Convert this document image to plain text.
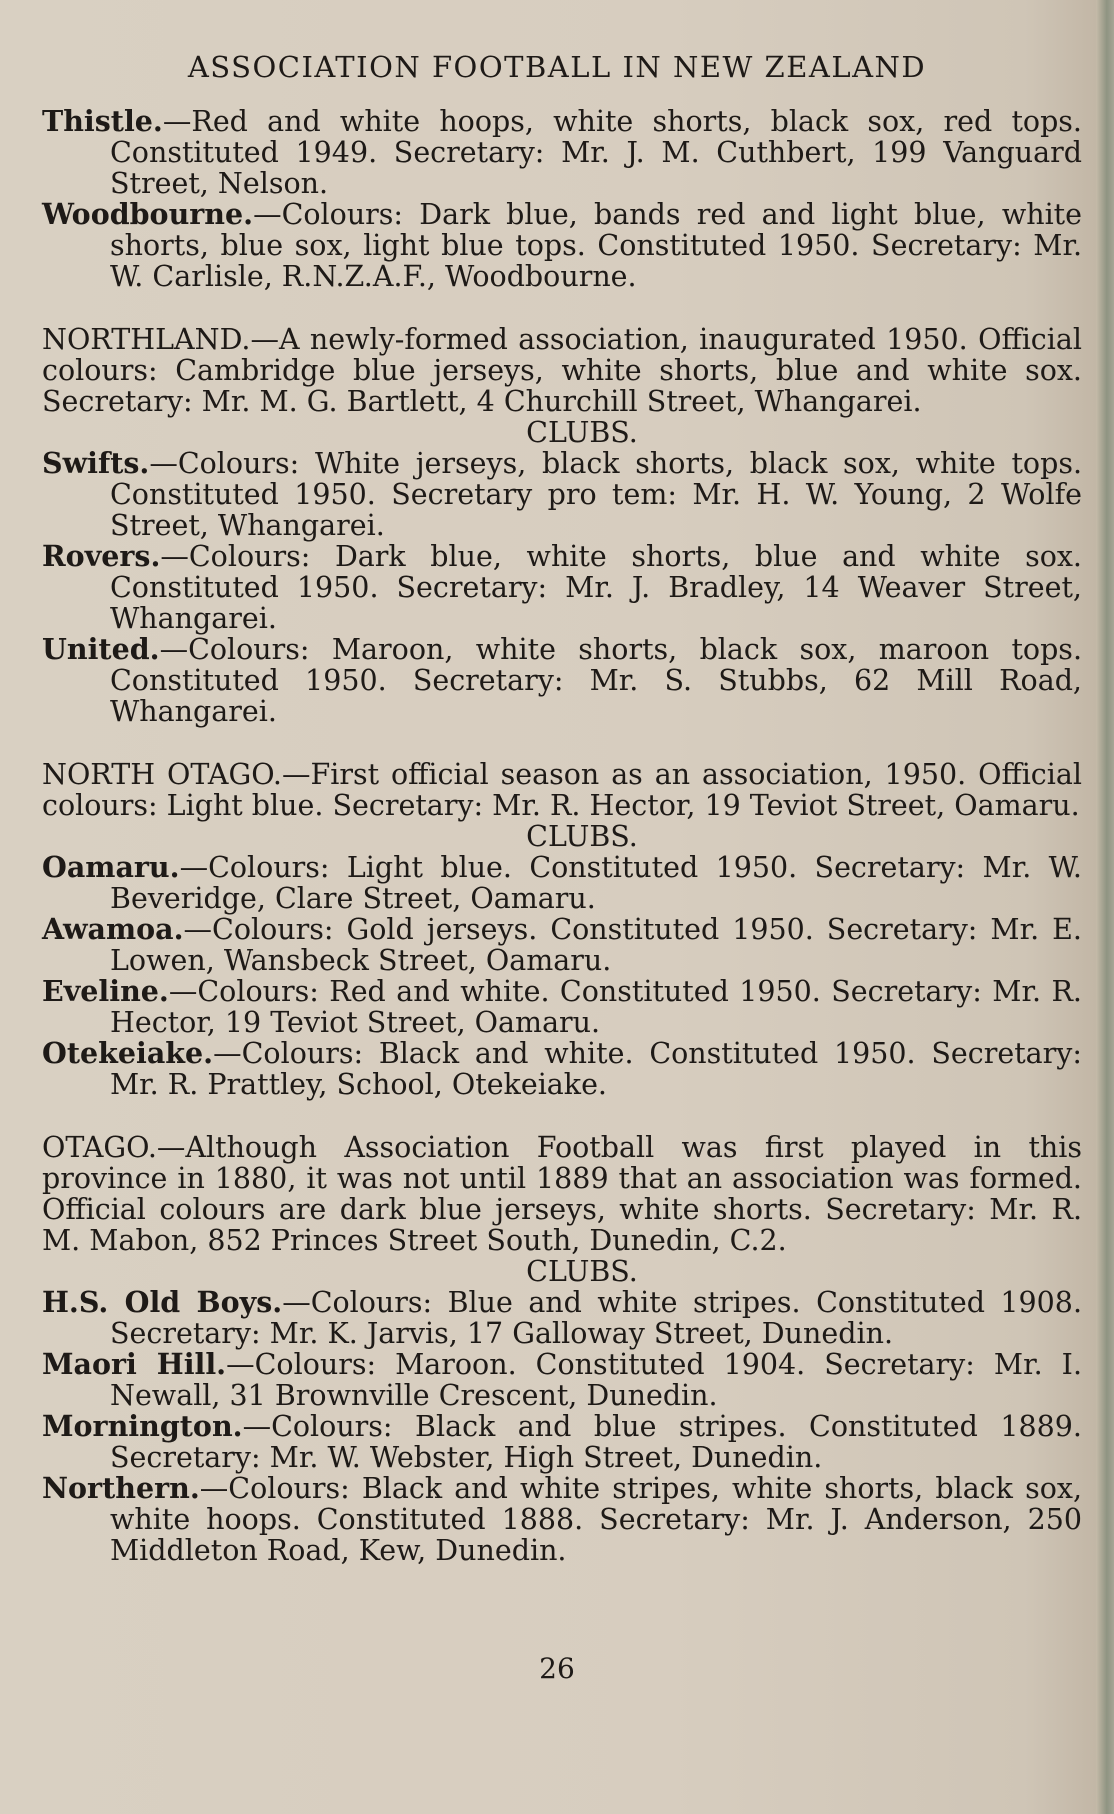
ASSOCIATION FOOTBALL IN NEW ZEALAND

Thistle.—Red and white hoops, white shorts, black sox, red tops. Constituted 1949. Secretary: Mr. J. M. Cuthbert, 199 Vanguard Street, Nelson.

Woodbourne.—Colours: Dark blue, bands red and light blue, white shorts, blue sox, light blue tops. Constituted 1950. Secretary: Mr. W. Carlisle, R.N.Z.A.F., Woodbourne.

NORTHLAND.—A newly-formed association, inaugurated 1950. Official colours: Cambridge blue jerseys, white shorts, blue and white sox. Secretary: Mr. M. G. Bartlett, 4 Churchill Street, Whangarei.

CLUBS.

Swifts.—Colours: White jerseys, black shorts, black sox, white tops. Constituted 1950. Secretary pro tem: Mr. H. W. Young, 2 Wolfe Street, Whangarei.

Rovers.—Colours: Dark blue, white shorts, blue and white sox. Constituted 1950. Secretary: Mr. J. Bradley, 14 Weaver Street, Whangarei.

United.—Colours: Maroon, white shorts, black sox, maroon tops. Constituted 1950. Secretary: Mr. S. Stubbs, 62 Mill Road, Whangarei.

NORTH OTAGO.—First official season as an association, 1950. Official colours: Light blue. Secretary: Mr. R. Hector, 19 Teviot Street, Oamaru.

CLUBS.

Oamaru.—Colours: Light blue. Constituted 1950. Secretary: Mr. W. Beveridge, Clare Street, Oamaru.

Awamoa.—Colours: Gold jerseys. Constituted 1950. Secretary: Mr. E. Lowen, Wansbeck Street, Oamaru.

Eveline.—Colours: Red and white. Constituted 1950. Secretary: Mr. R. Hector, 19 Teviot Street, Oamaru.

Otekeiake.—Colours: Black and white. Constituted 1950. Secretary: Mr. R. Prattley, School, Otekeiake.

OTAGO.—Although Association Football was first played in this province in 1880, it was not until 1889 that an association was formed. Official colours are dark blue jerseys, white shorts. Secretary: Mr. R. M. Mabon, 852 Princes Street South, Dunedin, C.2.

CLUBS.

H.S. Old Boys.—Colours: Blue and white stripes. Constituted 1908. Secretary: Mr. K. Jarvis, 17 Galloway Street, Dunedin.

Maori Hill.—Colours: Maroon. Constituted 1904. Secretary: Mr. I. Newall, 31 Brownville Crescent, Dunedin.

Mornington.—Colours: Black and blue stripes. Constituted 1889. Secretary: Mr. W. Webster, High Street, Dunedin.

Northern.—Colours: Black and white stripes, white shorts, black sox, white hoops. Constituted 1888. Secretary: Mr. J. Anderson, 250 Middleton Road, Kew, Dunedin.

26
